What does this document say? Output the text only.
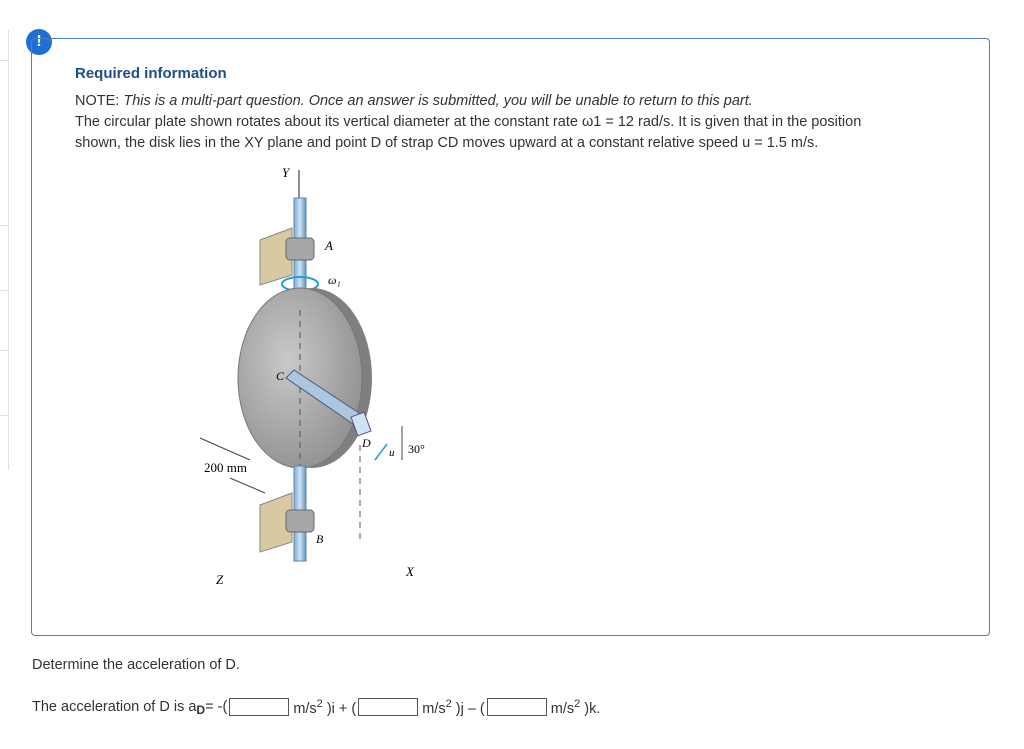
!
Required information
NOTE: This is a multi-part question. Once an answer is submitted, you will be unable to return to this part.
The circular plate shown rotates about its vertical diameter at the constant rate ω1 = 12 rad/s. It is given that in the position
shown, the disk lies in the XY plane and point D of strap CD moves upward at a constant relative speed u = 1.5 m/s.
Y
A
ω₁
C
D
u 30°
200 mm
B
Z
X
Determine the acceleration of D.
The acceleration of D is a $_D$ = -(	$m/s^2$ )i + (	$m/s^2$ )j – (	$m/s^2$ )k.
